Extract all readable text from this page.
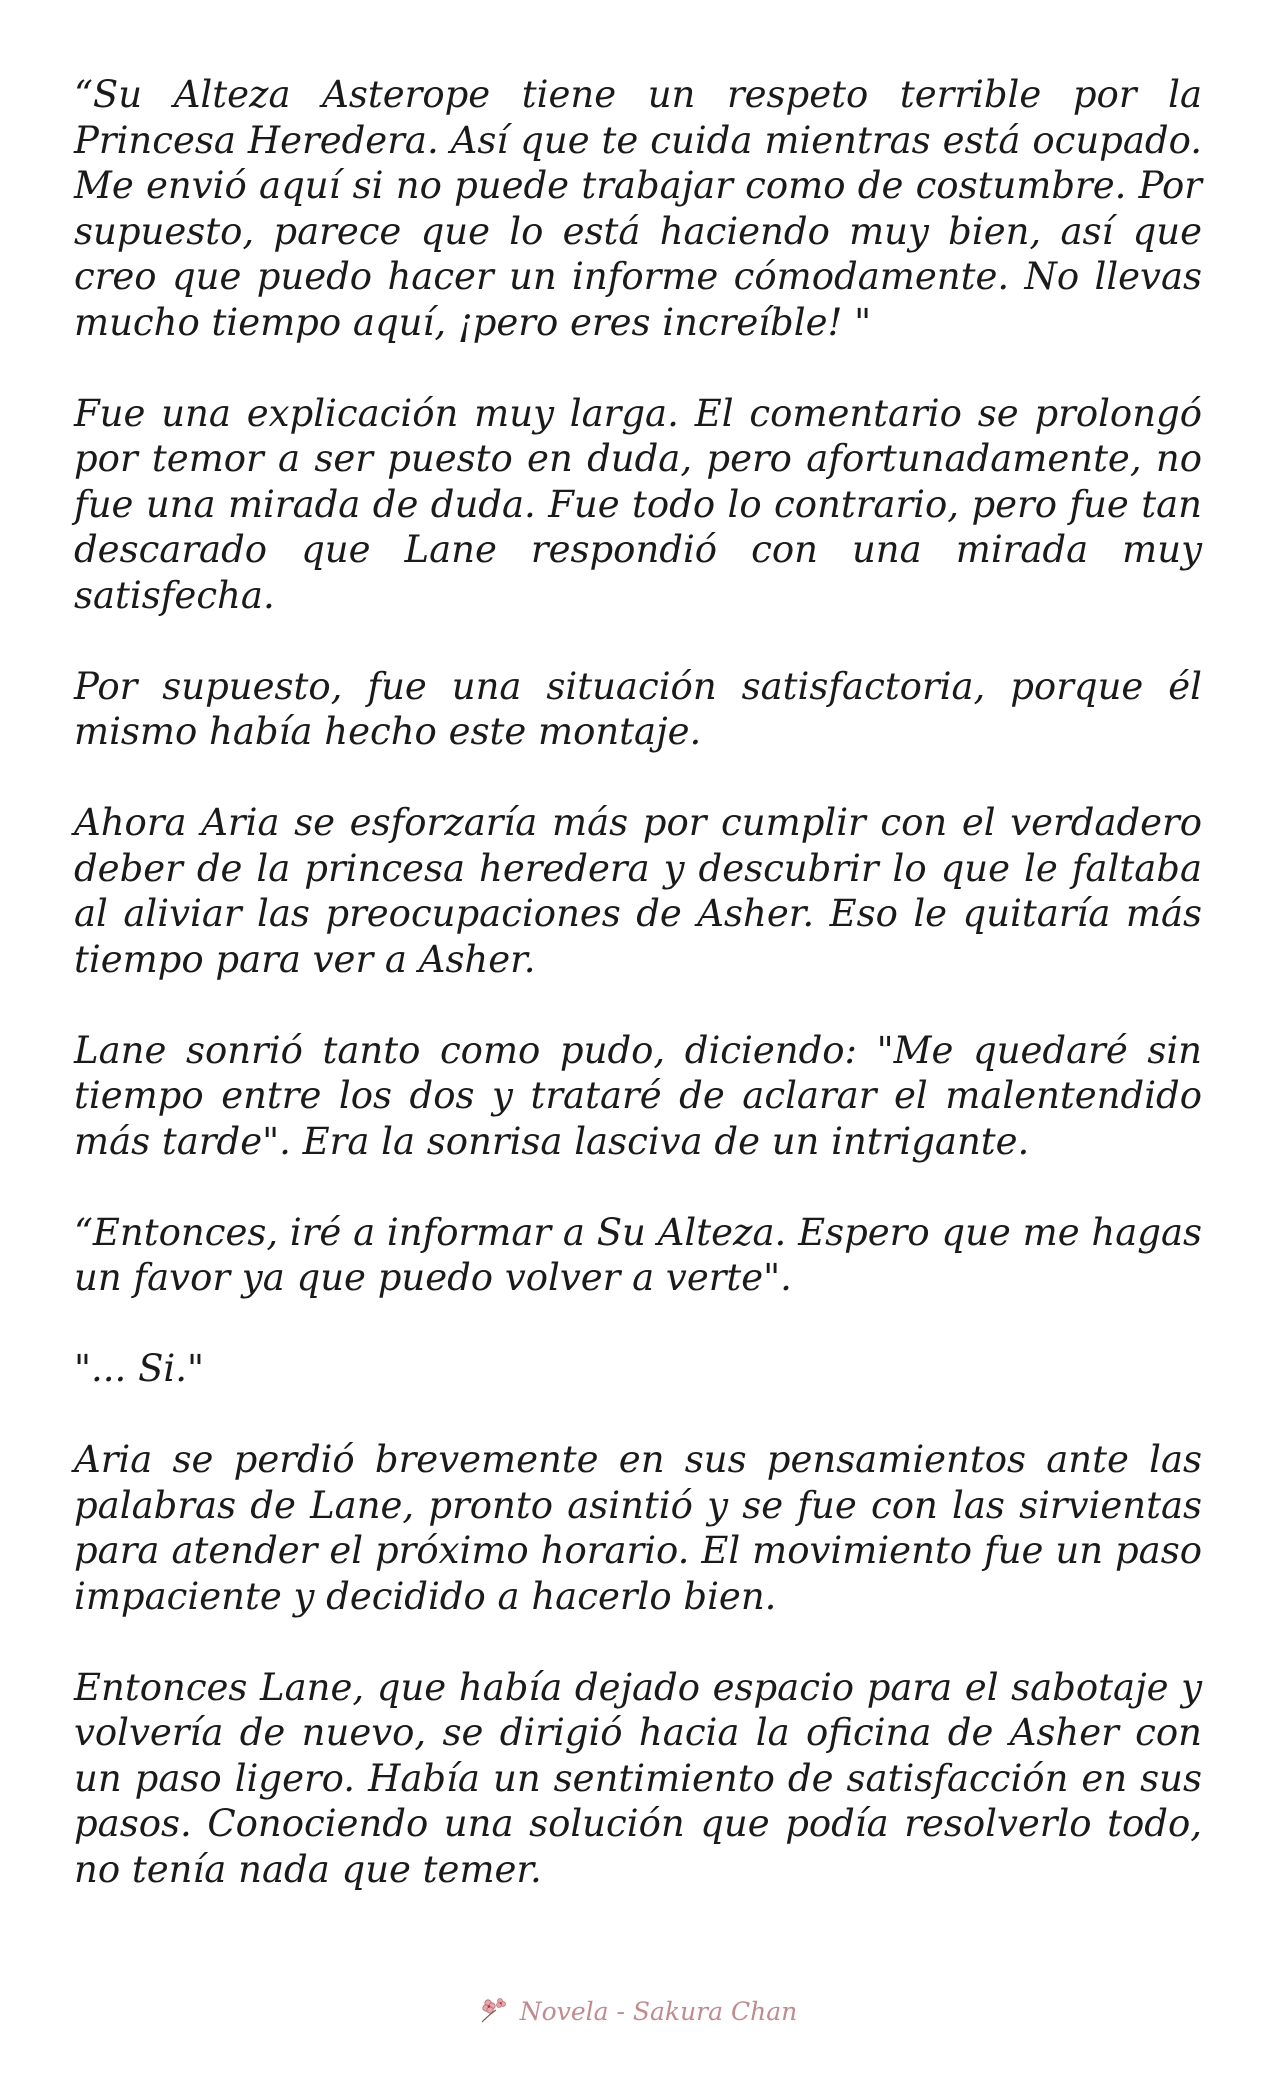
“Su Alteza Asterope tiene un respeto terrible por la Princesa Heredera. Así que te cuida mientras está ocupado. Me envió aquí si no puede trabajar como de costumbre. Por supuesto, parece que lo está haciendo muy bien, así que creo que puedo hacer un informe cómodamente. No llevas mucho tiempo aquí, ¡pero eres increíble! "

Fue una explicación muy larga. El comentario se prolongó por temor a ser puesto en duda, pero afortunadamente, no fue una mirada de duda. Fue todo lo contrario, pero fue tan descarado que Lane respondió con una mirada muy satisfecha.

Por supuesto, fue una situación satisfactoria, porque él mismo había hecho este montaje.

Ahora Aria se esforzaría más por cumplir con el verdadero deber de la princesa heredera y descubrir lo que le faltaba al aliviar las preocupaciones de Asher. Eso le quitaría más tiempo para ver a Asher.

Lane sonrió tanto como pudo, diciendo: "Me quedaré sin tiempo entre los dos y trataré de aclarar el malentendido más tarde". Era la sonrisa lasciva de un intrigante.

“Entonces, iré a informar a Su Alteza. Espero que me hagas un favor ya que puedo volver a verte".

"... Si."

Aria se perdió brevemente en sus pensamientos ante las palabras de Lane, pronto asintió y se fue con las sirvientas para atender el próximo horario. El movimiento fue un paso impaciente y decidido a hacerlo bien.

Entonces Lane, que había dejado espacio para el sabotaje y volvería de nuevo, se dirigió hacia la oficina de Asher con un paso ligero. Había un sentimiento de satisfacción en sus pasos. Conociendo una solución que podía resolverlo todo, no tenía nada que temer.

Novela - Sakura Chan
